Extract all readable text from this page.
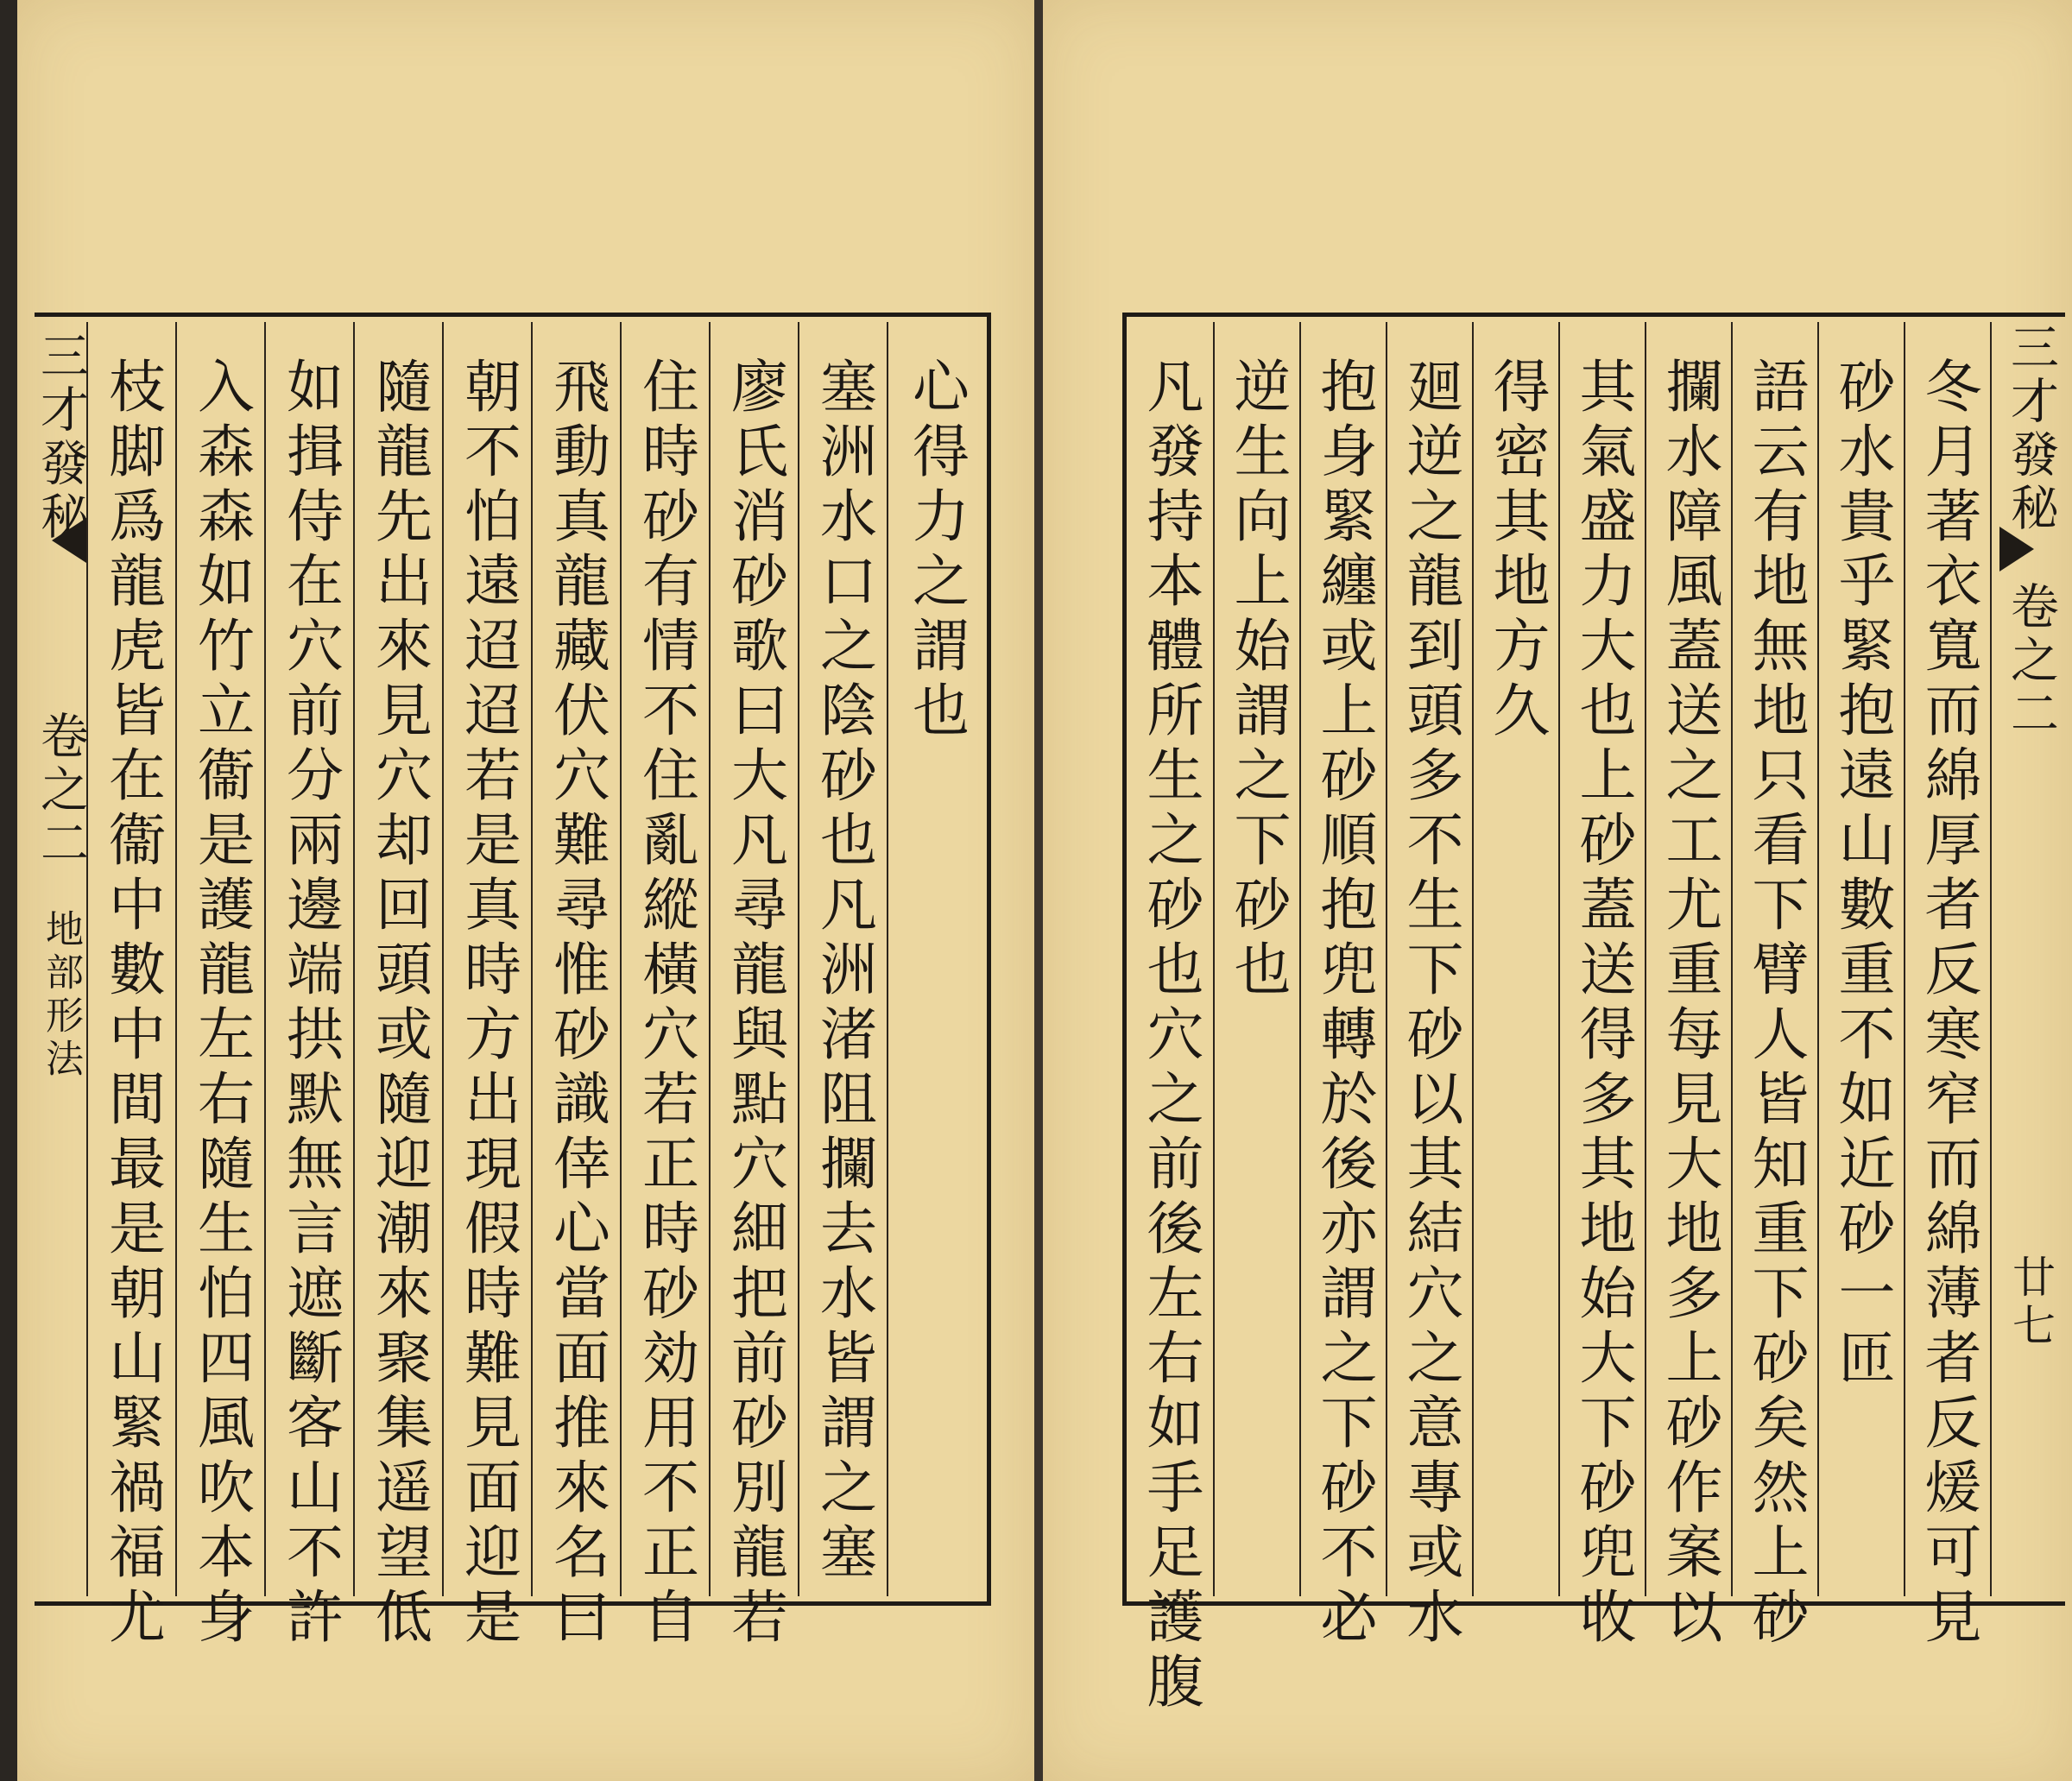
三才發秘
卷之二
地部形法 枝脚爲龍虎皆在衞中數中間最是朝山緊禍福尤 入森森如竹立衞是護龍左右隨生怕四風吹本身 如揖侍在穴前分兩邊端拱默無言遮斷客山不許 隨龍先出來見穴却回頭或隨迎潮來聚集遥望低 朝不怕遠迢迢若是真時方出現假時難見面迎是 飛動真龍藏伏穴難尋惟砂識倖心當面推來名曰 住時砂有情不住亂縱橫穴若正時砂効用不正自 廖氏消砂歌曰大凡尋龍與點穴細把前砂別龍若 塞洲水口之陰砂也凡洲渚阻攔去水皆謂之塞 心得力之謂也	凡發持本體所生之砂也穴之前後左右如手足護腹 逆生向上始謂之下砂也 抱身緊纏或上砂順抱兜轉於後亦謂之下砂不必 廻逆之龍到頭多不生下砂以其結穴之意專或水 得密其地方久 其氣盛力大也上砂蓋送得多其地始大下砂兜收 攔水障風蓋送之工尤重每見大地多上砂作案以 語云有地無地只看下臂人皆知重下砂矣然上砂 砂水貴乎緊抱遠山數重不如近砂一匝 冬月著衣寬而綿厚者反寒窄而綿薄者反煖可見 三才發秘
卷之二
廿七
